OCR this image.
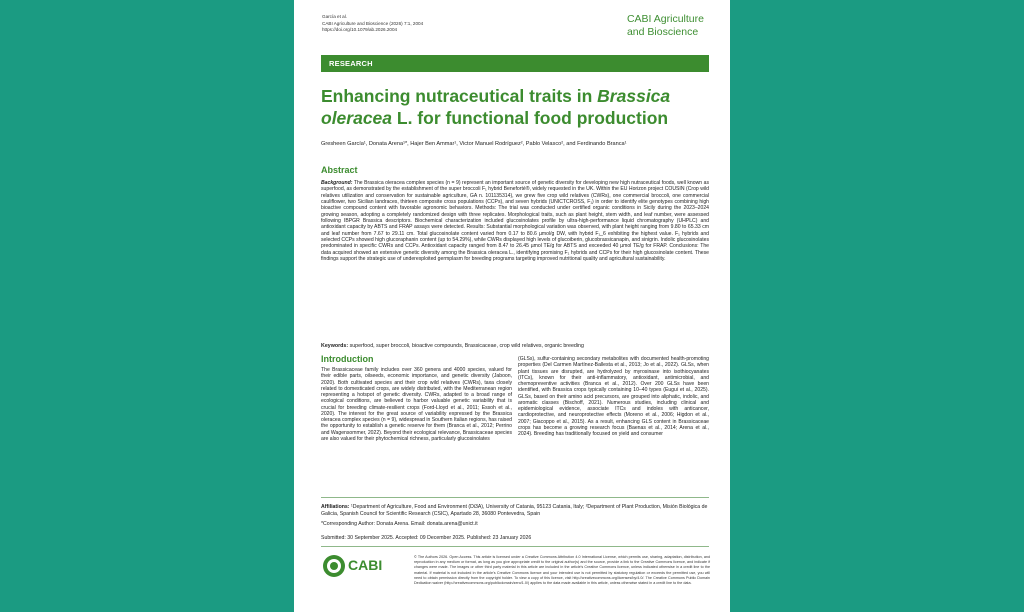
García et al.
CABI Agriculture and Bioscience (2026) 7:1, 2004
https://doi.org/10.1079/ab.2026.2004
CABI Agriculture
and Bioscience
RESEARCH
Enhancing nutraceutical traits in Brassica oleracea L. for functional food production
Gresheen García¹, Donata Arena¹*, Hajer Ben Ammar¹, Victor Manuel Rodríguez², Pablo Velasco², and Ferdinando Branca¹
Abstract
Background: The Brassica oleracea complex species (n = 9) represent an important source of genetic diversity for developing new high nutraceutical foods, well known as superfood, as demonstrated by the establishment of the super broccoli F₁ hybrid Beneforté®, widely requested in the UK. Within the EU Horizon project COUSIN (Crop wild relatives utilization and conservation for sustainable agriculture, GA n. 101135314), we grew five crop wild relatives (CWRs), one commercial broccoli, one commercial cauliflower, two Sicilian landraces, thirteen composite cross populations (CCPs), and seven hybrids (UNICTCROSS, F₁) in order to identify elite genotypes combining high bioactive compound content with favorable agronomic behaviors. Methods: The trial was conducted under certified organic conditions in Sicily during the 2023–2024 growing season, adopting a completely randomized design with three replicates. Morphological traits, such as plant height, stem width, and leaf number, were assessed following IBPGR Brassica descriptors. Biochemical characterization included glucosinolates profile by ultra-high-performance liquid chromatography (UHPLC) and antioxidant capacity by ABTS and FRAP assays were detected. Results: Substantial morphological variation was observed, with plant height ranging from 9.80 to 65.33 cm and leaf number from 7.67 to 29.11 cm. Total glucosinolate content varied from 0.17 to 80.6 µmol/g DW, with hybrid F₁_6 exhibiting the highest value. F₁ hybrids and selected CCPs showed high glucoraphanin content (up to 54.29%), while CWRs displayed high levels of glucoiberin, glucobrassicanapin, and sinigrin. Indolic glucosinolates predominated in specific CWRs and CCPs. Antioxidant capacity ranged from 8.47 to 26.45 µmol TE/g for ABTS and exceeded 40 µmol TE/g for FRAP. Conclusions: The data acquired showed an extensive genetic diversity among the Brassica oleracea L., identifying promising F₁ hybrids and CCPs for their high glucosinolate content. These findings support the strategic use of underexploited germplasm for breeding programs targeting improved nutritional quality and agricultural sustainability.
Keywords: superfood, super broccoli, bioactive compounds, Brassicaceae, crop wild relatives, organic breeding
Introduction
The Brassicaceae family includes over 360 genera and 4000 species, valued for their edible parts, oilseeds, economic importance, and genetic diversity (Jaboon, 2020). Both cultivated species and their crop wild relatives (CWRs), taxa closely related to domesticated crops, are widely distributed, with the Mediterranean region representing a hotspot of genetic diversity. CWRs, adapted to a broad range of ecological conditions, are believed to harbor valuable genetic variability that is crucial for breeding climate-resilient crops (Ford-Lloyd et al., 2011; Essoh et al., 2020). The interest for the great source of variability expressed by the Brassica oleracea complex species (n = 9), widespread in Southern Italian regions, has raised the opportunity to establish a genetic reserve for them (Branca et al., 2012; Perrino and Wagensommer, 2022). Beyond their ecological relevance, Brassicaceae species are also valued for their phytochemical richness, particularly glucosinolates
(GLSs), sulfur-containing secondary metabolites with documented health-promoting properties (Del Carmen Martínez-Ballesta et al., 2013; Jo et al., 2022). GLSs, when plant tissues are disrupted, are hydrolyzed by myrosinase into isothiocyanates (ITCs), known for their anti-inflammatory, antioxidant, antimicrobial, and chemopreventive activities (Branca et al., 2012). Over 200 GLSs have been identified, with Brassica crops typically containing 10–40 types (Eugui et al., 2025). GLSs, based on their amino acid precursors, are grouped into aliphatic, indolic, and aromatic classes (Bischoff, 2021). Numerous studies, including clinical and epidemiological evidence, associate ITCs and indoles with anticancer, cardioprotective, and neuroprotective effects (Moreno et al., 2006; Higdon et al., 2007; Giacoppo et al., 2015). As a result, enhancing GLS content in Brassicaceae crops has become a growing research focus (Baenas et al., 2014; Arena et al., 2024). Breeding has traditionally focused on yield and consumer
Affiliations: ¹Department of Agriculture, Food and Environment (Di3A), University of Catania, 95123 Catania, Italy; ²Department of Plant Production, Misión Biológica de Galicia, Spanish Council for Scientific Research (CSIC), Apartado 28, 36080 Pontevedra, Spain
*Corresponding Author: Donata Arena. Email: donata.arena@unict.it
Submitted: 30 September 2025. Accepted: 09 December 2025. Published: 23 January 2026
CABI	© The Authors 2026. Open Access. This article is licensed under a Creative Commons Attribution 4.0 International License, which permits use, sharing, adaptation, distribution, and reproduction in any medium or format, as long as you give appropriate credit to the original author(s) and the source, provide a link to the Creative Commons licence, and indicate if changes were made. The images or other third party material in this article are included in the article's Creative Commons licence, unless indicated otherwise in a credit line to the material. If material is not included in the article's Creative Commons licence and your intended use is not permitted by statutory regulation or exceeds the permitted use, you will need to obtain permission directly from the copyright holder. To view a copy of this licence, visit http://creativecommons.org/licenses/by/4.0/. The Creative Commons Public Domain Dedication waiver (http://creativecommons.org/publicdomain/zero/1.0/) applies to the data made available in this article, unless otherwise stated in a credit line to the data.
